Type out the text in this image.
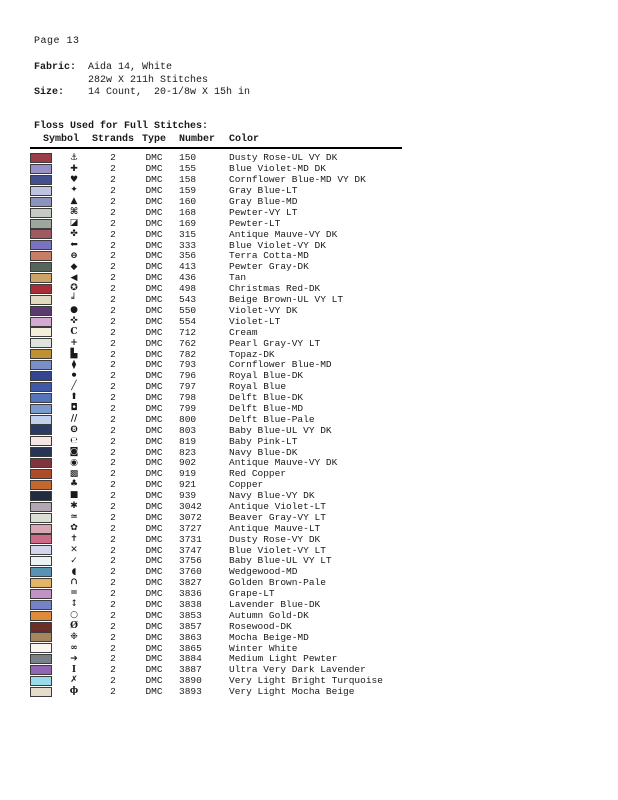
Page 13
Fabric: Aida 14, White
282w X 211h Stitches
Size: 14 Count,  20-1/8w X 15h in
Floss Used for Full Stitches:
Symbol		Strands	Type	Number	Color
	⚓	2	DMC	150	Dusty Rose-UL VY DK
	✚	2	DMC	155	Blue Violet-MD DK
	♥	2	DMC	158	Cornflower Blue-MD VY DK
	✦	2	DMC	159	Gray Blue-LT
	▲	2	DMC	160	Gray Blue-MD
	⌘	2	DMC	168	Pewter-VY LT
	◪	2	DMC	169	Pewter-LT
	✤	2	DMC	315	Antique Mauve-VY DK
	⬅	2	DMC	333	Blue Violet-VY DK
	⊖	2	DMC	356	Terra Cotta-MD
	◆	2	DMC	413	Pewter Gray-DK
	◀	2	DMC	436	Tan
	✪	2	DMC	498	Christmas Red-DK
	╛	2	DMC	543	Beige Brown-UL VY LT
	●	2	DMC	550	Violet-VY DK
	✜	2	DMC	554	Violet-LT
	C	2	DMC	712	Cream
	+	2	DMC	762	Pearl Gray-VY LT
	▙	2	DMC	782	Topaz-DK
	⧫	2	DMC	793	Cornflower Blue-MD
	⚫	2	DMC	796	Royal Blue-DK
	╱	2	DMC	797	Royal Blue
	⬆	2	DMC	798	Delft Blue-DK
	◘	2	DMC	799	Delft Blue-MD
	//	2	DMC	800	Delft Blue-Pale
	❽	2	DMC	803	Baby Blue-UL VY DK
	℮	2	DMC	819	Baby Pink-LT
	◙	2	DMC	823	Navy Blue-DK
	◉	2	DMC	902	Antique Mauve-VY DK
	▩	2	DMC	919	Red Copper
	♣	2	DMC	921	Copper
	■	2	DMC	939	Navy Blue-VY DK
	✱	2	DMC	3042	Antique Violet-LT
	≃	2	DMC	3072	Beaver Gray-VY LT
	✿	2	DMC	3727	Antique Mauve-LT
	✝	2	DMC	3731	Dusty Rose-VY DK
	✕	2	DMC	3747	Blue Violet-VY LT
	✓	2	DMC	3756	Baby Blue-UL VY LT
	◖	2	DMC	3760	Wedgewood-MD
	∩	2	DMC	3827	Golden Brown-Pale
	=	2	DMC	3836	Grape-LT
	↕	2	DMC	3838	Lavender Blue-DK
	○	2	DMC	3853	Autumn Gold-DK
	Ø	2	DMC	3857	Rosewood-DK
	❉	2	DMC	3863	Mocha Beige-MD
	∞	2	DMC	3865	Winter White
	➔	2	DMC	3884	Medium Light Pewter
	I	2	DMC	3887	Ultra Very Dark Lavender
	✗	2	DMC	3890	Very Light Bright Turquoise
	ϕ	2	DMC	3893	Very Light Mocha Beige
